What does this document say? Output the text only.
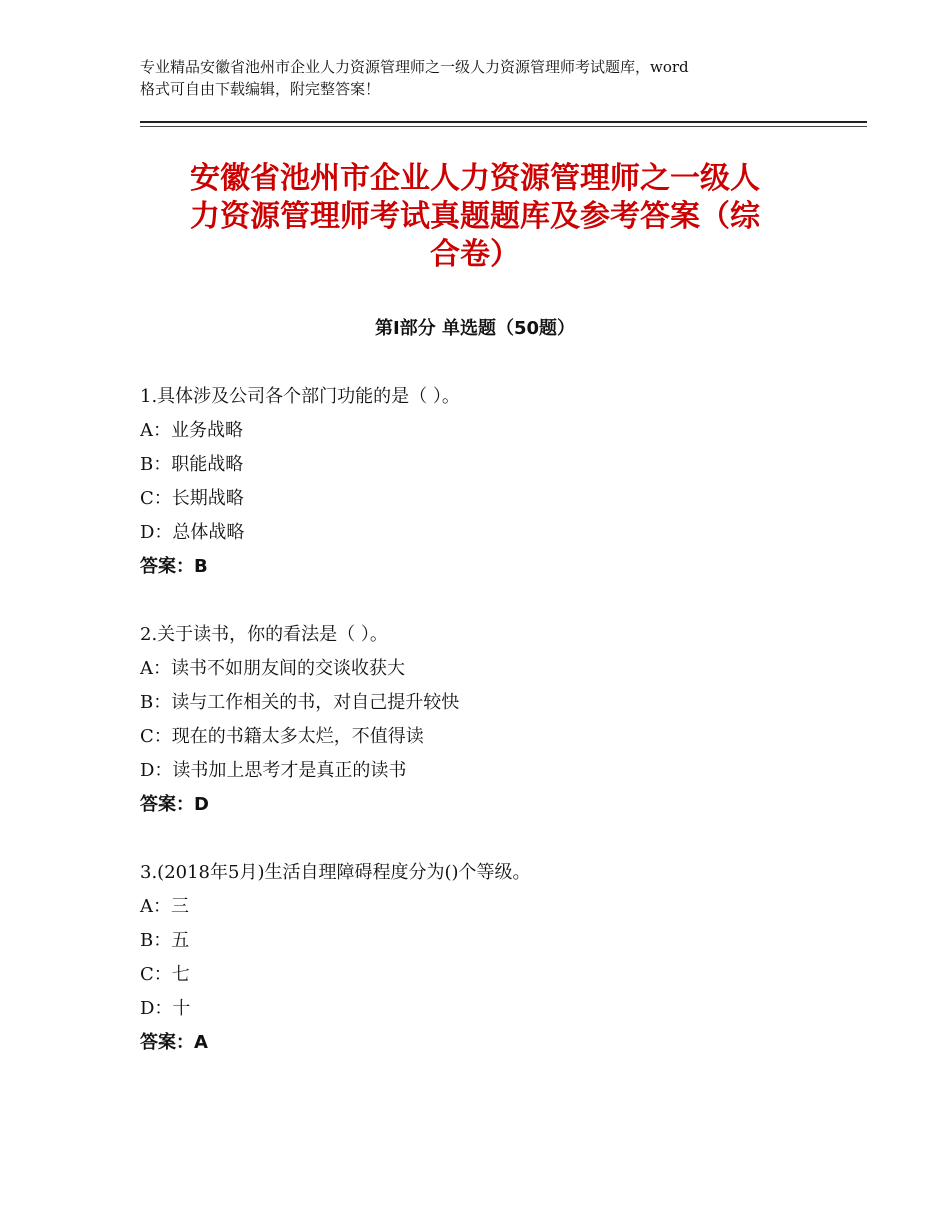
专业精品安徽省池州市企业人力资源管理师之一级人力资源管理师考试题库，word
格式可自由下载编辑，附完整答案！
安徽省池州市企业人力资源管理师之一级人
力资源管理师考试真题题库及参考答案（综
合卷）
第Ⅰ部分 单选题（50题）
1.具体涉及公司各个部门功能的是（ ）。
A：业务战略
B：职能战略
C：长期战略
D：总体战略
答案：B
2.关于读书，你的看法是（ ）。
A：读书不如朋友间的交谈收获大
B：读与工作相关的书，对自己提升较快
C：现在的书籍太多太烂，不值得读
D：读书加上思考才是真正的读书
答案：D
3.(2018年5月)生活自理障碍程度分为()个等级。
A：三
B：五
C：七
D：十
答案：A
